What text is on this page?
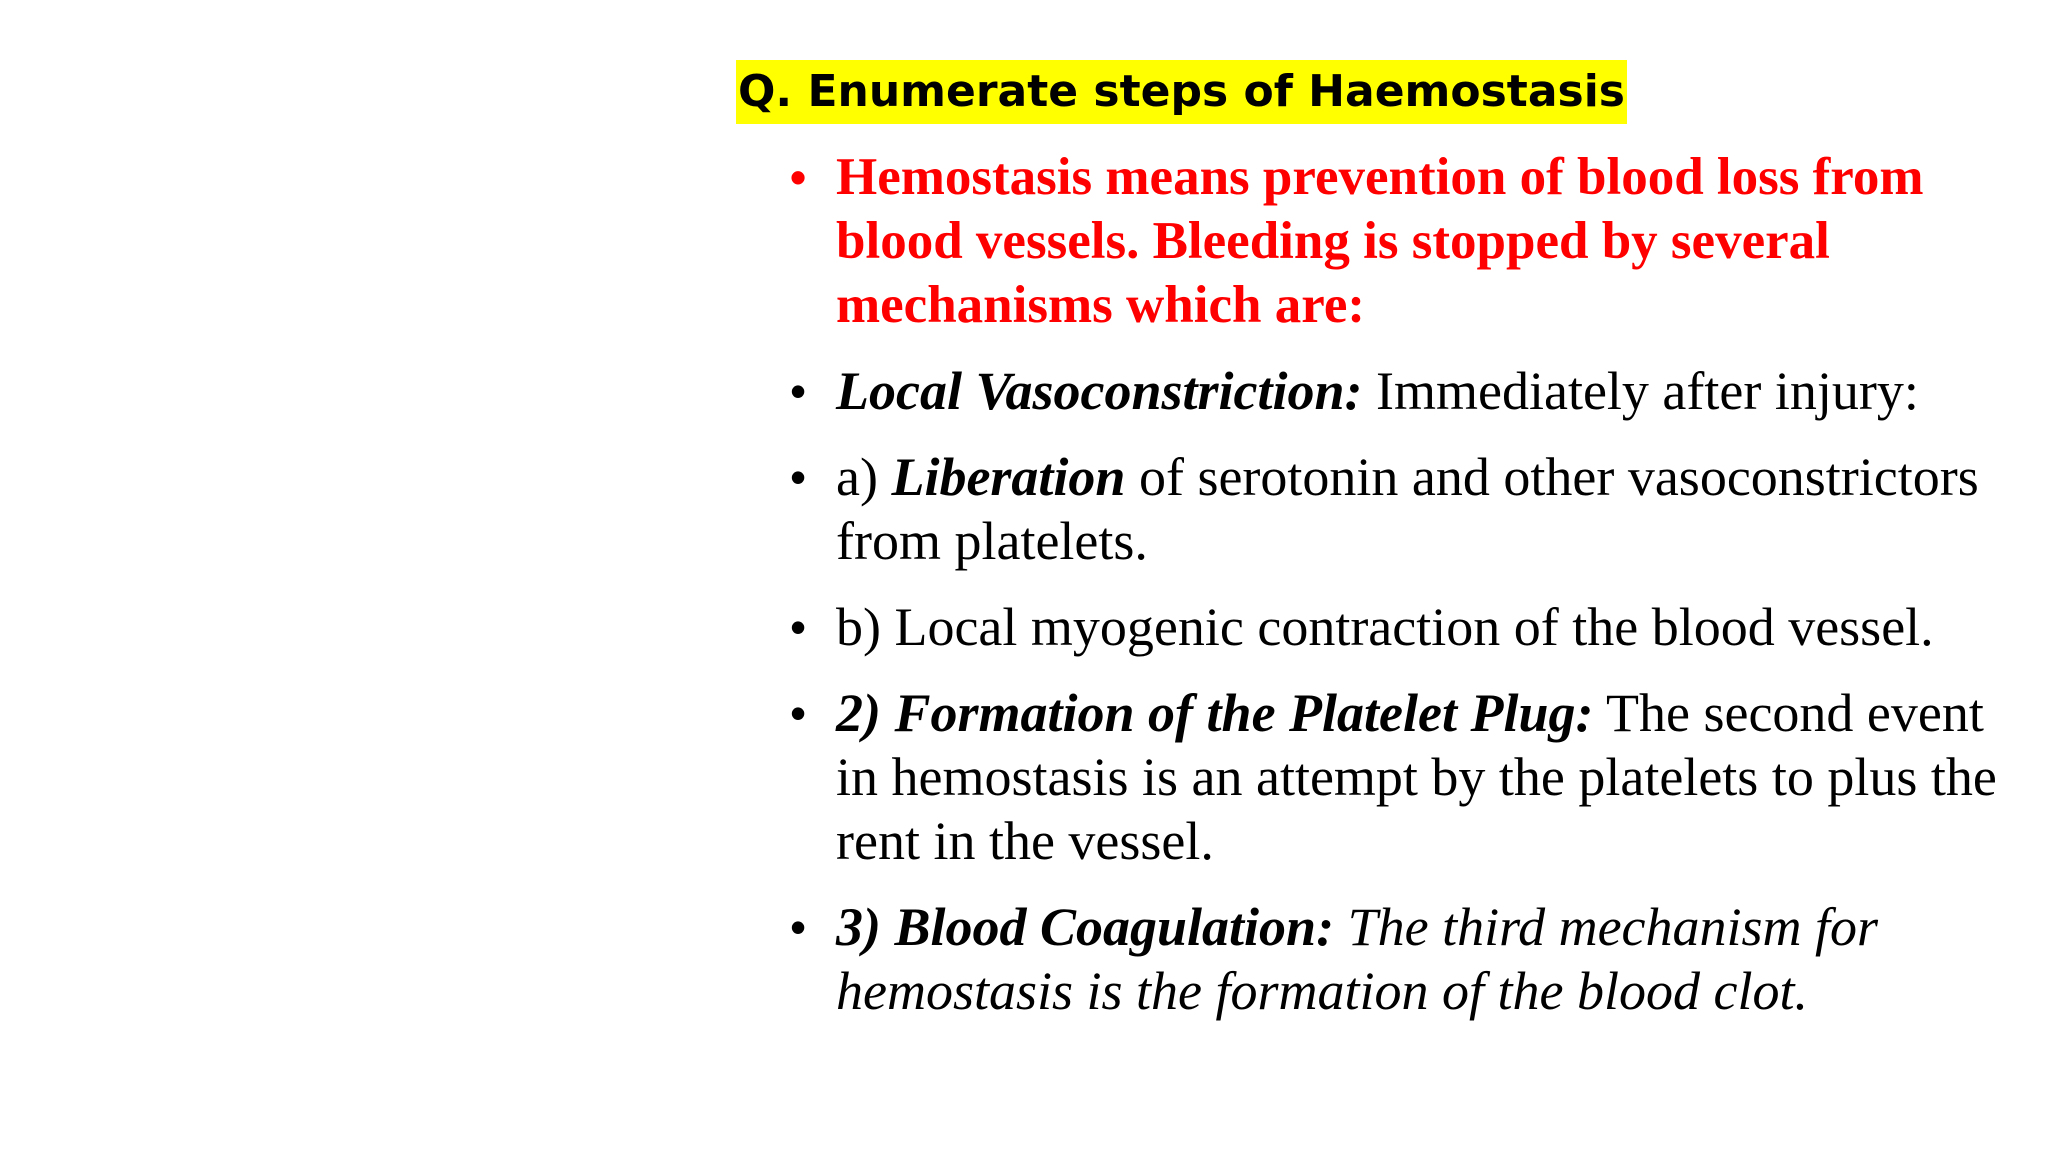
Q. Enumerate steps of Haemostasis
• Hemostasis means prevention of blood loss from blood vessels. Bleeding is stopped by several mechanisms which are:
• Local Vasoconstriction: Immediately after injury:
• a) Liberation of serotonin and other vasoconstrictors from platelets.
• b) Local myogenic contraction of the blood vessel.
• 2) Formation of the Platelet Plug: The second event in hemostasis is an attempt by the platelets to plus the rent in the vessel.
• 3) Blood Coagulation: The third mechanism for hemostasis is the formation of the blood clot.
